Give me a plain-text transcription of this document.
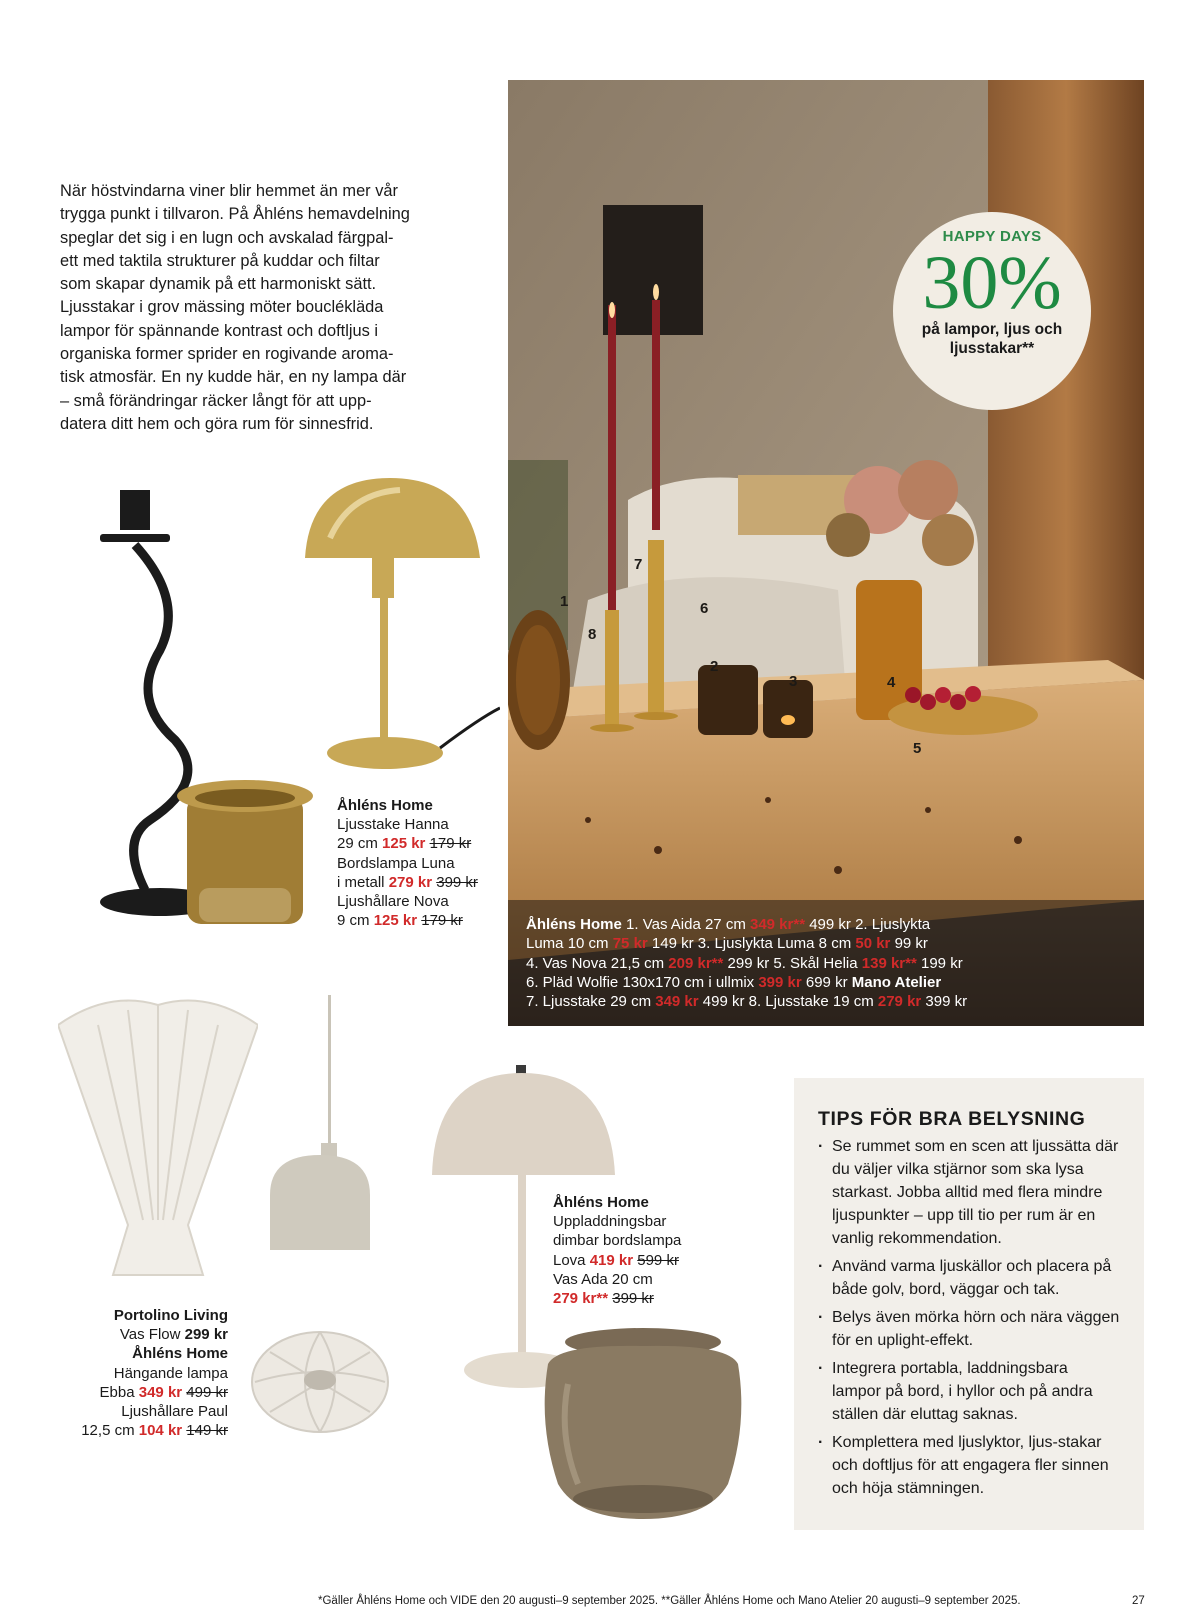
När höstvindarna viner blir hemmet än mer vår
trygga punkt i tillvaron. På Åhléns hemavdelning
speglar det sig i en lugn och avskalad färgpal-
ett med taktila strukturer på kuddar och filtar
som skapar dynamik på ett harmoniskt sätt.
Ljusstakar i grov mässing möter bouclékläda
lampor för spännande kontrast och doftljus i
organiska former sprider en rogivande aroma-
tisk atmosfär. En ny kudde här, en ny lampa där
– små förändringar räcker långt för att upp-
datera ditt hem och göra rum för sinnesfrid.

1
2
3	4
5
6
7
8
Åhléns Home 1. Vas Aida 27 cm 349 kr** 499 kr 2. Ljuslykta
Luma 10 cm 75 kr 149 kr 3. Ljuslykta Luma 8 cm 50 kr 99 kr
4. Vas Nova 21,5 cm 209 kr** 299 kr 5. Skål Helia 139 kr** 199 kr
6. Pläd Wolfie 130x170 cm i ullmix 399 kr 699 kr Mano Atelier
7. Ljusstake 29 cm 349 kr 499 kr 8. Ljusstake 19 cm 279 kr 399 kr
HAPPY DAYS
30%
på lampor, ljus och
ljusstakar**
Åhléns Home
Ljusstake Hanna
29 cm 125 kr 179 kr
Bordslampa Luna
i metall 279 kr 399 kr
Ljushållare Nova
9 cm 125 kr 179 kr
Portolino Living
Vas Flow 299 kr
Åhléns Home
Hängande lampa
Ebba 349 kr 499 kr
Ljushållare Paul
12,5 cm 104 kr 149 kr
Åhléns Home
Uppladdningsbar
dimbar bordslampa
Lova 419 kr 599 kr
Vas Ada 20 cm
279 kr** 399 kr
TIPS FÖR BRA BELYSNING
· Se rummet som en scen att ljussätta där du väljer vilka stjärnor som ska lysa starkast. Jobba alltid med flera mindre ljuspunkter – upp till tio per rum är en vanlig rekommendation.
· Använd varma ljuskällor och placera på både golv, bord, väggar och tak.
· Belys även mörka hörn och nära väggen för en uplight-effekt.
· Integrera portabla, laddningsbara lampor på bord, i hyllor och på andra ställen där eluttag saknas.
· Komplettera med ljuslyktor, ljus-stakar och doftljus för att engagera fler sinnen och höja stämningen.
*Gäller Åhléns Home och VIDE den 20 augusti–9 september 2025. **Gäller Åhléns Home och Mano Atelier 20 augusti–9 september 2025.	27
